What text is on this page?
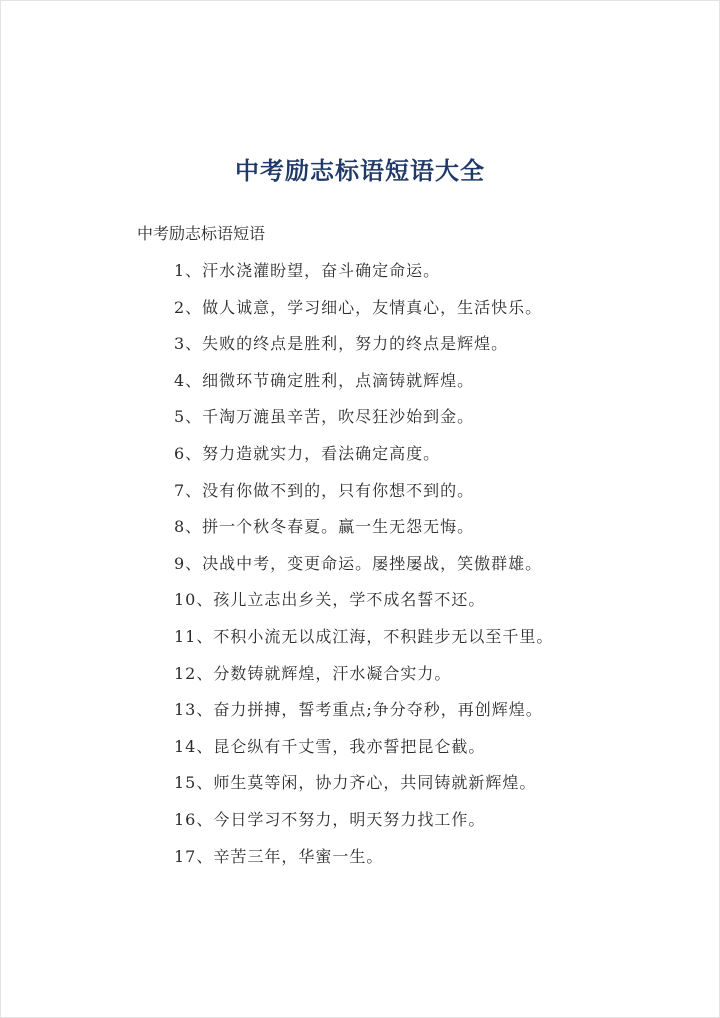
中考励志标语短语大全
中考励志标语短语
1、汗水浇灌盼望，奋斗确定命运。
2、做人诚意，学习细心，友情真心，生活快乐。
3、失败的终点是胜利，努力的终点是辉煌。
4、细微环节确定胜利，点滴铸就辉煌。
5、千淘万漉虽辛苦，吹尽狂沙始到金。
6、努力造就实力，看法确定高度。
7、没有你做不到的，只有你想不到的。
8、拼一个秋冬春夏。赢一生无怨无悔。
9、决战中考，变更命运。屡挫屡战，笑傲群雄。
10、孩儿立志出乡关，学不成名誓不还。
11、不积小流无以成江海，不积跬步无以至千里。
12、分数铸就辉煌，汗水凝合实力。
13、奋力拼搏，誓考重点;争分夺秒，再创辉煌。
14、昆仑纵有千丈雪，我亦誓把昆仑截。
15、师生莫等闲，协力齐心，共同铸就新辉煌。
16、今日学习不努力，明天努力找工作。
17、辛苦三年，华蜜一生。
